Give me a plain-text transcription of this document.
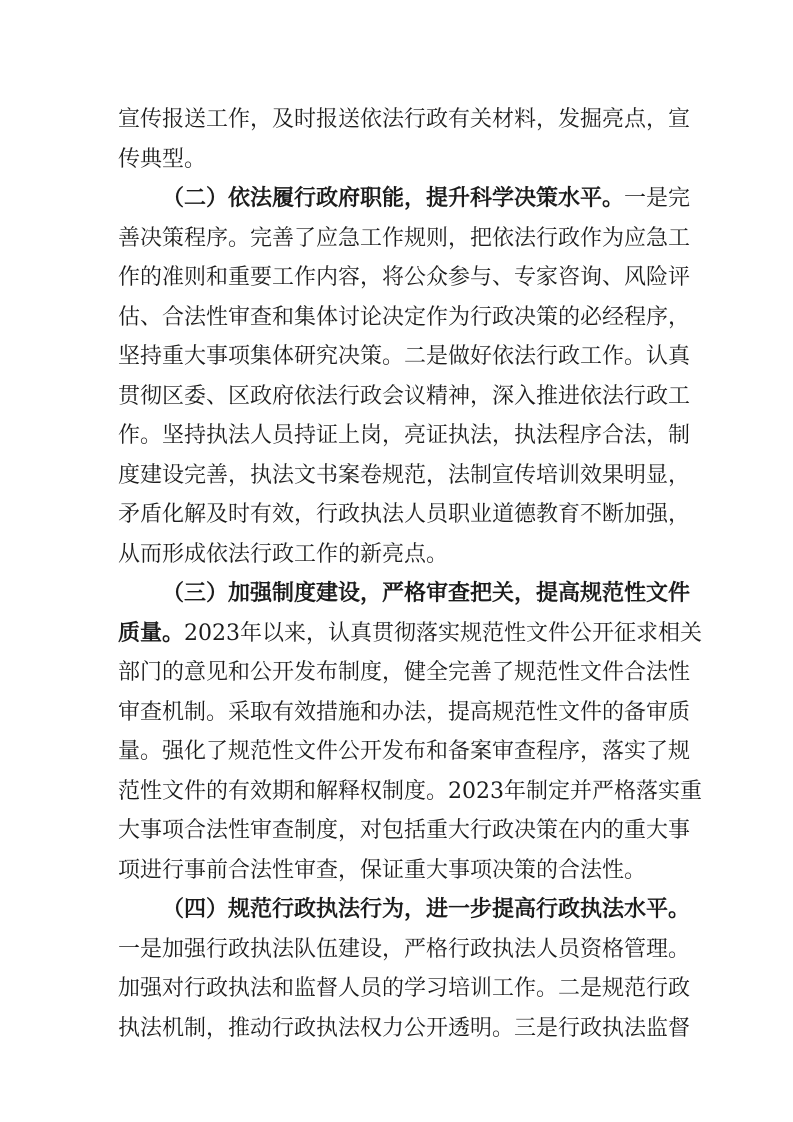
宣传报送工作，及时报送依法行政有关材料，发掘亮点，宣
传典型。
（二）依法履行政府职能，提升科学决策水平。一是完
善决策程序。完善了应急工作规则，把依法行政作为应急工
作的准则和重要工作内容，将公众参与、专家咨询、风险评
估、合法性审查和集体讨论决定作为行政决策的必经程序，
坚持重大事项集体研究决策。二是做好依法行政工作。认真
贯彻区委、区政府依法行政会议精神，深入推进依法行政工
作。坚持执法人员持证上岗，亮证执法，执法程序合法，制
度建设完善，执法文书案卷规范，法制宣传培训效果明显，
矛盾化解及时有效，行政执法人员职业道德教育不断加强，
从而形成依法行政工作的新亮点。
（三）加强制度建设，严格审查把关，提高规范性文件
质量。2023年以来，认真贯彻落实规范性文件公开征求相关
部门的意见和公开发布制度，健全完善了规范性文件合法性
审查机制。采取有效措施和办法，提高规范性文件的备审质
量。强化了规范性文件公开发布和备案审查程序，落实了规
范性文件的有效期和解释权制度。2023年制定并严格落实重
大事项合法性审查制度，对包括重大行政决策在内的重大事
项进行事前合法性审查，保证重大事项决策的合法性。
（四）规范行政执法行为，进一步提高行政执法水平。
一是加强行政执法队伍建设，严格行政执法人员资格管理。
加强对行政执法和监督人员的学习培训工作。二是规范行政
执法机制，推动行政执法权力公开透明。三是行政执法监督
